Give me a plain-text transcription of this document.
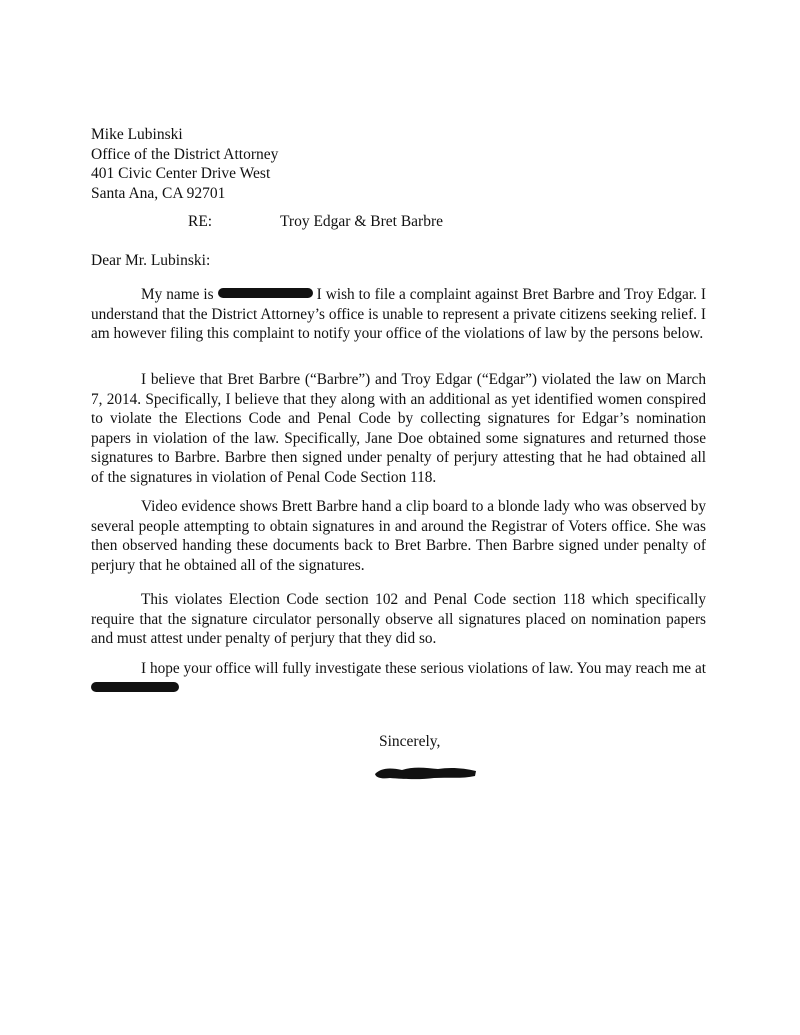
Mike Lubinski
Office of the District Attorney
401 Civic Center Drive West
Santa Ana, CA 92701
RE:	Troy Edgar & Bret Barbre
Dear Mr. Lubinski:

My name is	I wish to file a complaint against Bret Barbre and Troy Edgar. I understand that the District Attorney’s office is unable to represent a private citizens seeking relief. I am however filing this complaint to notify your office of the violations of law by the persons below.

I believe that Bret Barbre (“Barbre”) and Troy Edgar (“Edgar”) violated the law on March 7, 2014. Specifically, I believe that they along with an additional as yet identified women conspired to violate the Elections Code and Penal Code by collecting signatures for Edgar’s nomination papers in violation of the law. Specifically, Jane Doe obtained some signatures and returned those signatures to Barbre. Barbre then signed under penalty of perjury attesting that he had obtained all of the signatures in violation of Penal Code Section 118.

Video evidence shows Brett Barbre hand a clip board to a blonde lady who was observed by several people attempting to obtain signatures in and around the Registrar of Voters office. She was then observed handing these documents back to Bret Barbre. Then Barbre signed under penalty of perjury that he obtained all of the signatures.

This violates Election Code section 102 and Penal Code section 118 which specifically require that the signature circulator personally observe all signatures placed on nomination papers and must attest under penalty of perjury that they did so.

I hope your office will fully investigate these serious violations of law. You may reach me at

Sincerely,
